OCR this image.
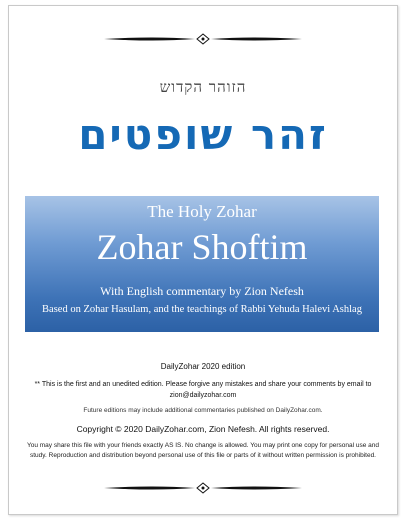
הזוהר הקדוש
זהר שופטים
The Holy Zohar
Zohar Shoftim
With English commentary by Zion Nefesh
Based on Zohar Hasulam, and the teachings of Rabbi Yehuda Halevi Ashlag
DailyZohar 2020 edition
** This is the first and an unedited edition. Please forgive any mistakes and share your comments by email to zion@dailyzohar.com
Future editions may include additional commentaries published on DailyZohar.com.
Copyright © 2020 DailyZohar.com, Zion Nefesh. All rights reserved.
You may share this file with your friends exactly AS IS. No change is allowed. You may print one copy for personal use and study. Reproduction and distribution beyond personal use of this file or parts of it without written permission is prohibited.
